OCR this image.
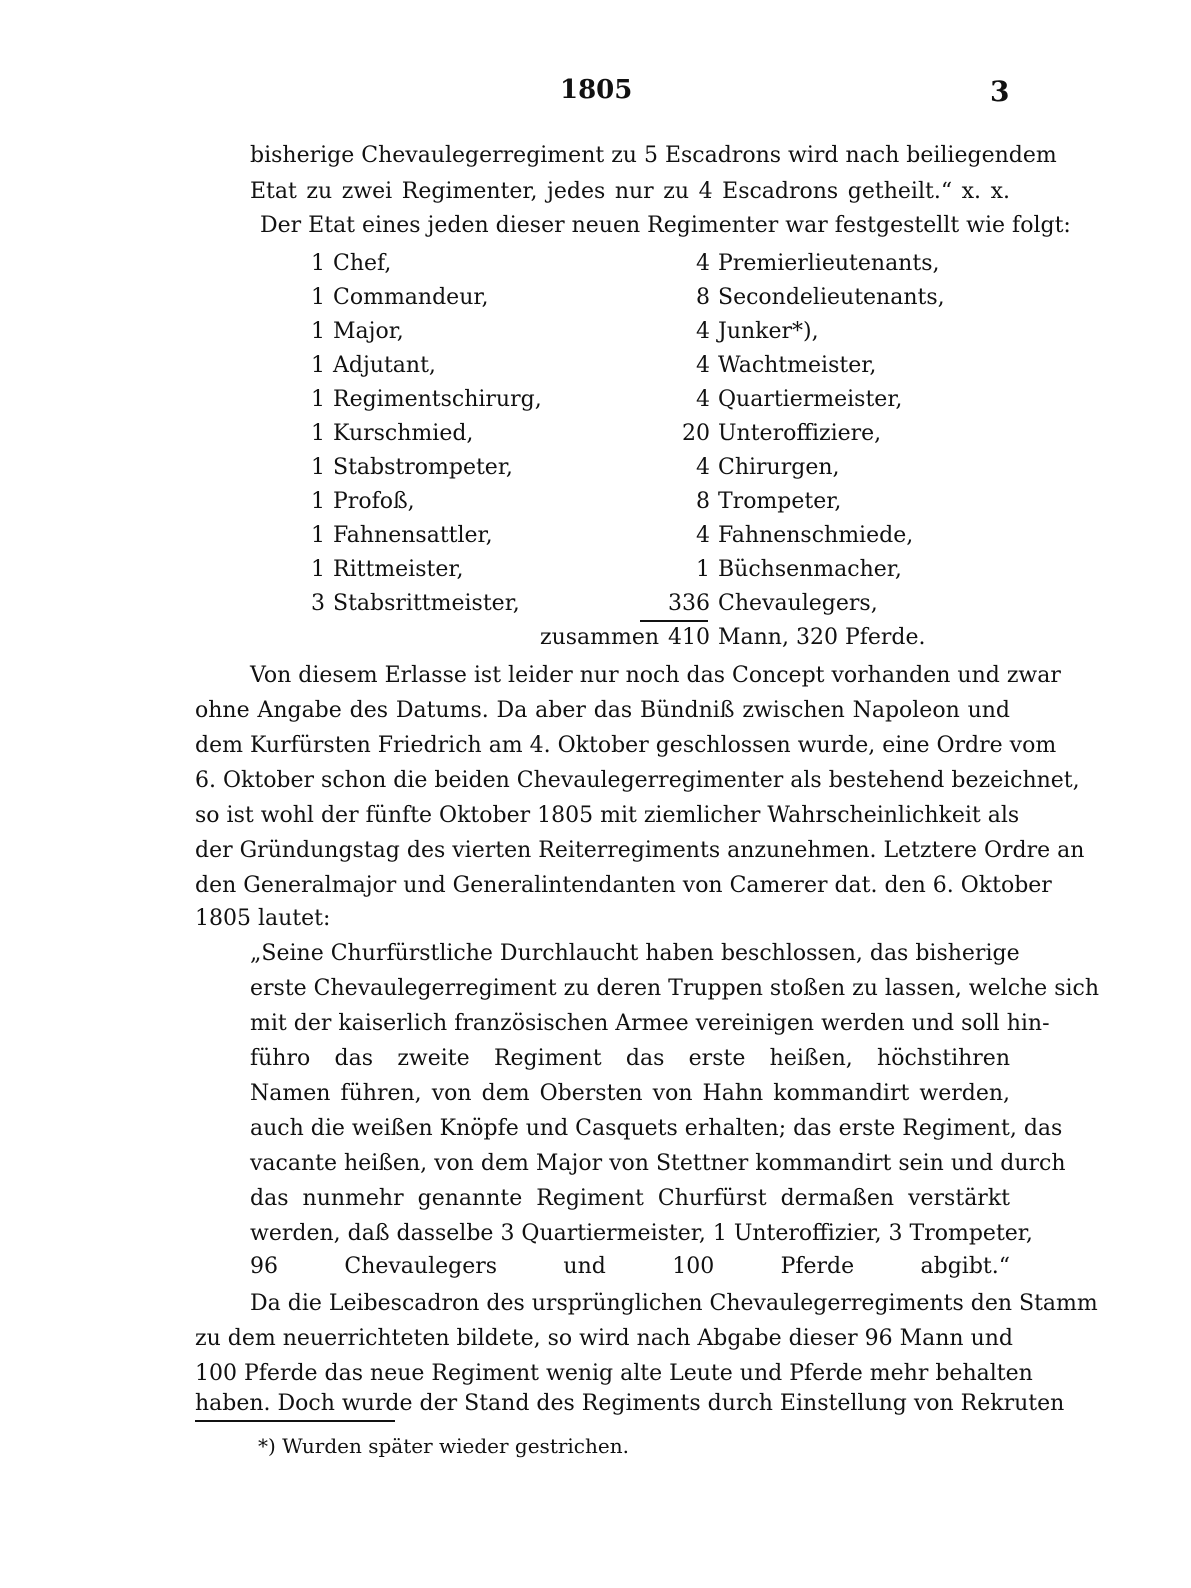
1805	3
bisherige Chevaulegerregiment zu 5 Escadrons wird nach beiliegendem
Etat zu zwei Regimenter, jedes nur zu 4 Escadrons getheilt.“ x. x.
Der Etat eines jeden dieser neuen Regimenter war festgestellt wie folgt:
1 Chef,	4 Premierlieutenants,
1 Commandeur,	8 Secondelieutenants,
1 Major,	4 Junker*),
1 Adjutant,	4 Wachtmeister,
1 Regimentschirurg,	4 Quartiermeister,
1 Kurschmied,	20 Unteroffiziere,
1 Stabstrompeter,	4 Chirurgen,
1 Profoß,	8 Trompeter,
1 Fahnensattler,	4 Fahnenschmiede,
1 Rittmeister,	1 Büchsenmacher,
3 Stabsrittmeister,	336 Chevaulegers,
zusammen 410 Mann, 320 Pferde.
Von diesem Erlasse ist leider nur noch das Concept vorhanden und zwar
ohne Angabe des Datums. Da aber das Bündniß zwischen Napoleon und
dem Kurfürsten Friedrich am 4. Oktober geschlossen wurde, eine Ordre vom
6. Oktober schon die beiden Chevaulegerregimenter als bestehend bezeichnet,
so ist wohl der fünfte Oktober 1805 mit ziemlicher Wahrscheinlichkeit als
der Gründungstag des vierten Reiterregiments anzunehmen. Letztere Ordre an
den Generalmajor und Generalintendanten von Camerer dat. den 6. Oktober
1805 lautet:
„Seine Churfürstliche Durchlaucht haben beschlossen, das bisherige
erste Chevaulegerregiment zu deren Truppen stoßen zu lassen, welche sich
mit der kaiserlich französischen Armee vereinigen werden und soll hin-
führo das zweite Regiment das erste heißen, höchstihren
Namen führen, von dem Obersten von Hahn kommandirt werden,
auch die weißen Knöpfe und Casquets erhalten; das erste Regiment, das
vacante heißen, von dem Major von Stettner kommandirt sein und durch
das nunmehr genannte Regiment Churfürst dermaßen verstärkt
werden, daß dasselbe 3 Quartiermeister, 1 Unteroffizier, 3 Trompeter,
96 Chevaulegers und 100 Pferde abgibt.“
Da die Leibescadron des ursprünglichen Chevaulegerregiments den Stamm
zu dem neuerrichteten bildete, so wird nach Abgabe dieser 96 Mann und
100 Pferde das neue Regiment wenig alte Leute und Pferde mehr behalten
haben. Doch wurde der Stand des Regiments durch Einstellung von Rekruten
*) Wurden später wieder gestrichen.
